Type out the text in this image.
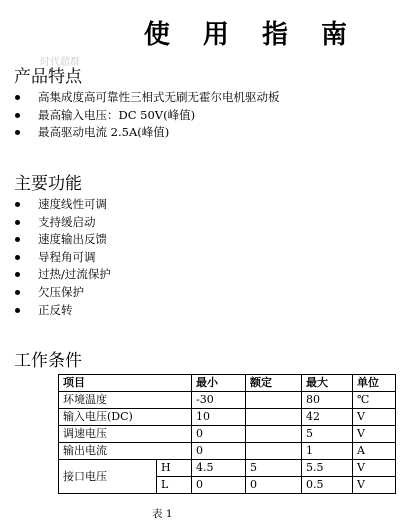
使 用 指 南
时代超群
产品特点
高集成度高可靠性三相式无刷无霍尔电机驱动板
最高输入电压：DC 50V(峰值)
最高驱动电流 2.5A(峰值)
主要功能
速度线性可调
支持缓启动
速度输出反馈
导程角可调
过热/过流保护
欠压保护
正反转
工作条件
项目		最小	额定	最大	单位
环境温度		-30		80	℃
输入电压(DC)		10		42	V
调速电压		0		5	V
输出电流		0		1	A
接口电压	H	4.5	5	5.5	V
	L	0	0	0.5	V
表 1
